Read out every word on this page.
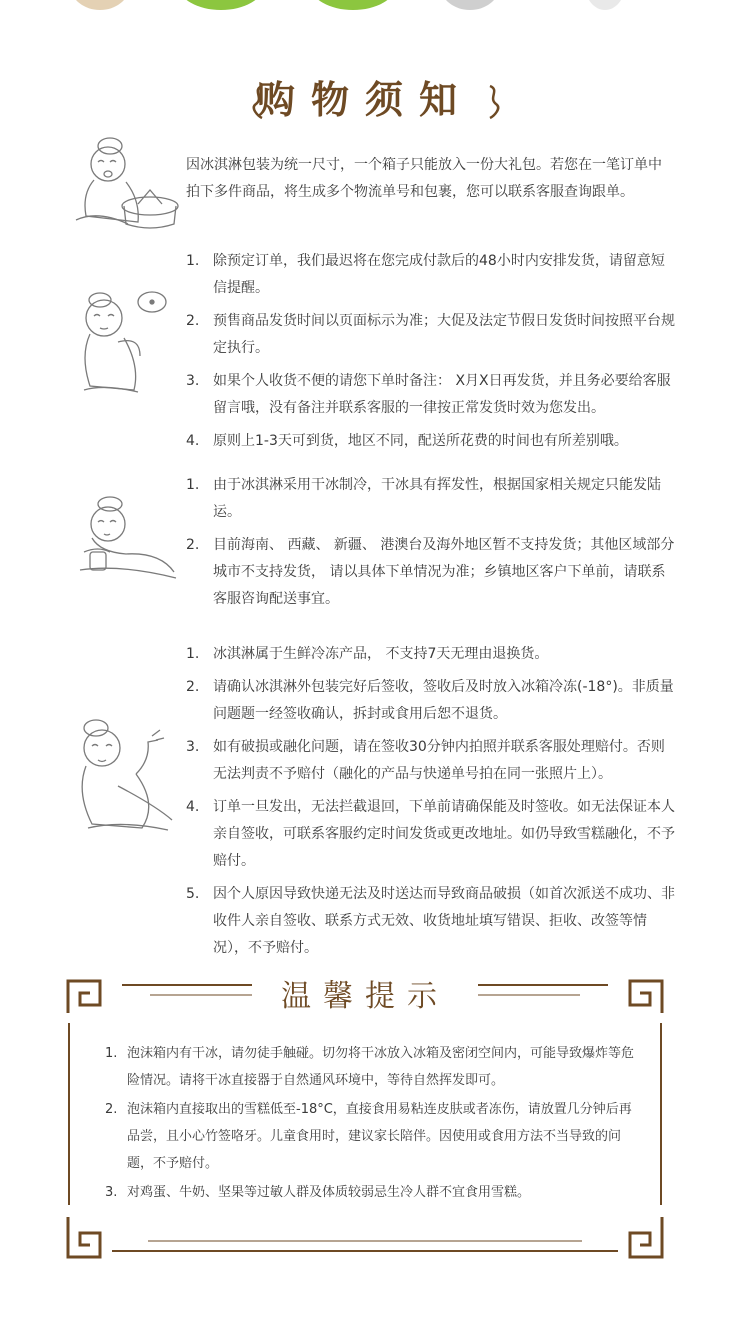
购物须知
因冰淇淋包装为统一尺寸，一个箱子只能放入一份大礼包。若您在一笔订单中拍下多件商品，将生成多个物流单号和包裹，您可以联系客服查询跟单。
1. 除预定订单，我们最迟将在您完成付款后的48小时内安排发货，请留意短信提醒。
2. 预售商品发货时间以页面标示为准；大促及法定节假日发货时间按照平台规定执行。
3. 如果个人收货不便的请您下单时备注： X月X日再发货，并且务必要给客服留言哦，没有备注并联系客服的一律按正常发货时效为您发出。
4. 原则上1-3天可到货，地区不同，配送所花费的时间也有所差别哦。
1. 由于冰淇淋采用干冰制冷，干冰具有挥发性，根据国家相关规定只能发陆运。
2. 目前海南、 西藏、 新疆、 港澳台及海外地区暂不支持发货；其他区域部分城市不支持发货， 请以具体下单情况为准；乡镇地区客户下单前，请联系客服咨询配送事宜。
1. 冰淇淋属于生鲜冷冻产品， 不支持7天无理由退换货。
2. 请确认冰淇淋外包装完好后签收，签收后及时放入冰箱冷冻(-18°)。非质量问题题一经签收确认，拆封或食用后恕不退货。
3. 如有破损或融化问题，请在签收30分钟内拍照并联系客服处理赔付。否则无法判责不予赔付（融化的产品与快递单号拍在同一张照片上）。
4. 订单一旦发出，无法拦截退回，下单前请确保能及时签收。如无法保证本人亲自签收，可联系客服约定时间发货或更改地址。如仍导致雪糕融化，不予赔付。
5. 因个人原因导致快递无法及时送达而导致商品破损（如首次派送不成功、非收件人亲自签收、联系方式无效、收货地址填写错误、拒收、改签等情况），不予赔付。
温馨提示
1. 泡沫箱内有干冰，请勿徒手触碰。切勿将干冰放入冰箱及密闭空间内，可能导致爆炸等危险情况。请将干冰直接器于自然通风环境中，等待自然挥发即可。
2. 泡沫箱内直接取出的雪糕低至-18°C，直接食用易粘连皮肤或者冻伤，请放置几分钟后再品尝，且小心竹签咯牙。儿童食用时，建议家长陪伴。因使用或食用方法不当导致的问题，不予赔付。
3. 对鸡蛋、牛奶、坚果等过敏人群及体质较弱忌生冷人群不宜食用雪糕。
